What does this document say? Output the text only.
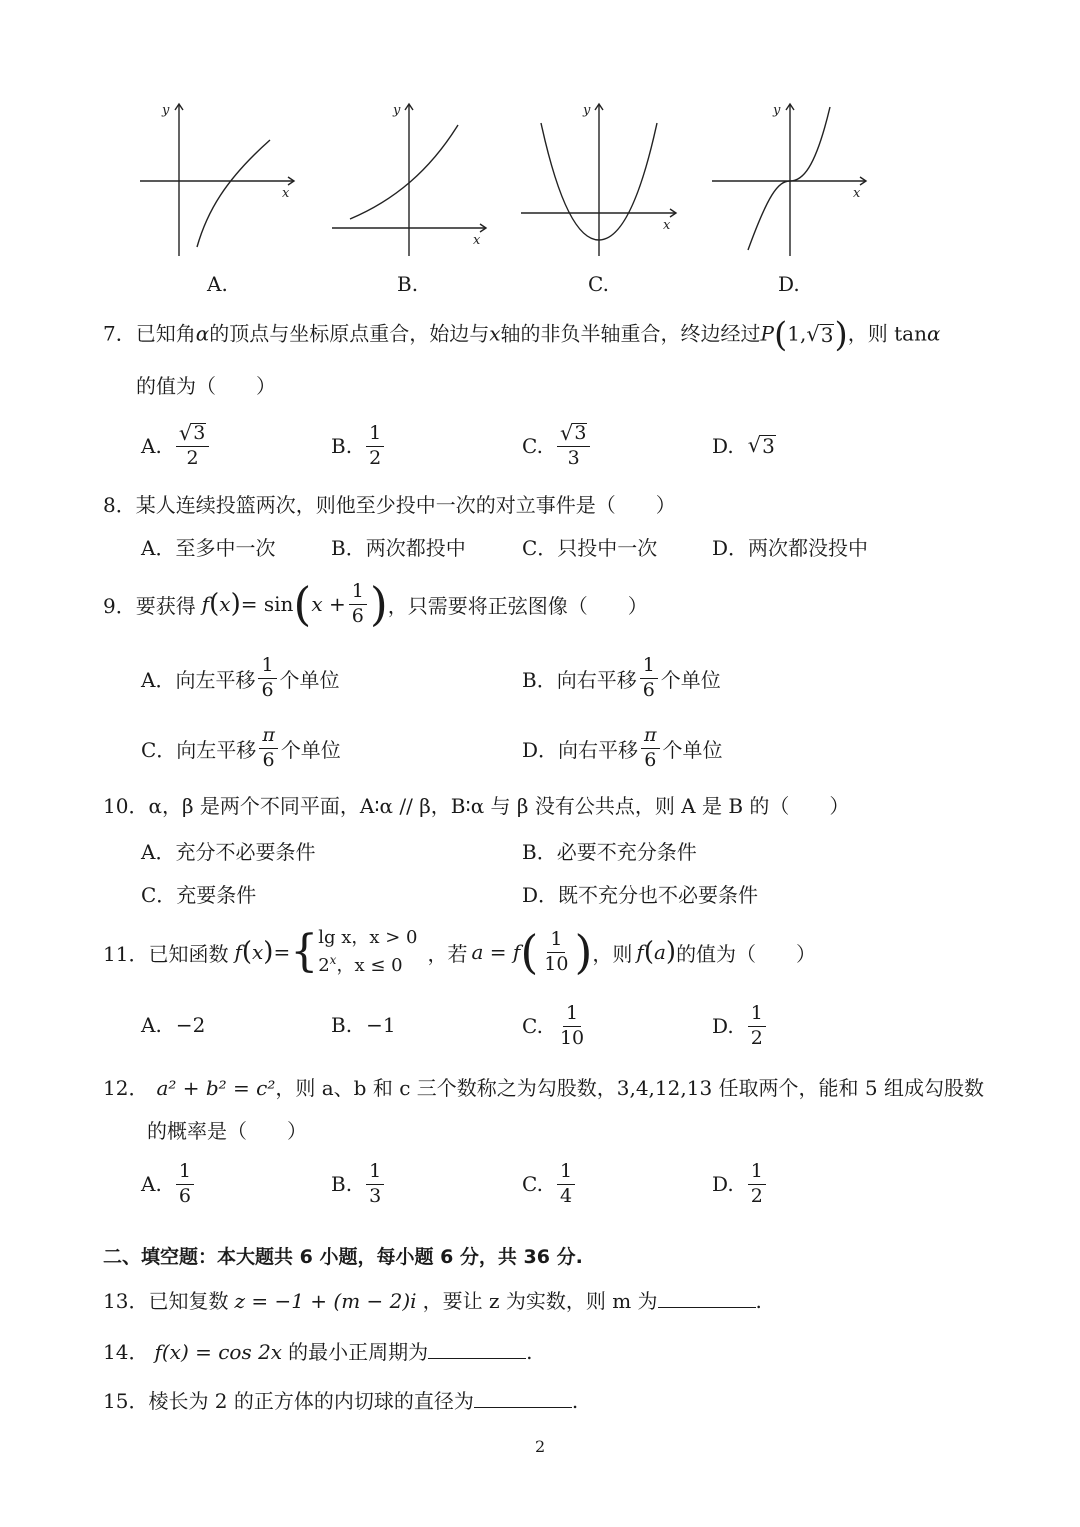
y
x
y
x
y
x
y
x
A.	B.	C.	D.
7．已知角α的顶点与坐标原点重合，始边与x轴的非负半轴重合，终边经过P(1, √ 3 )，则 tanα
的值为（　　）
A. $\frac{√ 3}{2}$	B. $\frac{1}{2}$	C. $\frac{√ 3}{3}$	D. √ 3
8．某人连续投篮两次，则他至少投中一次的对立事件是（　　）
A．至多中一次	B．两次都投中	C．只投中一次	D．两次都没投中
9． 要获得 f ( x ) = sin ( $x + \frac{1}{6}$ ) ，只需要将正弦图像（　　）
A．向左平移 $\frac{1}{6}$ 个单位	B．向右平移 $\frac{1}{6}$ 个单位
C．向左平移 $\frac{\pi}{6}$ 个单位	D．向右平移 $\frac{\pi}{6}$ 个单位
10．α，β 是两个不同平面，A∶α // β，B∶α 与 β 没有公共点，则 A 是 B 的（　　）
A．充分不必要条件	B．必要不充分条件
C．充要条件	D．既不充分也不必要条件
11． 已知函数 f ( x ) = { lg x，x > 0
2$^x$，x ≤ 0	，若 a = f ( $\frac{1}{10}$ ) ，则 f ( a ) 的值为（　　）
A. −2	B. −1	C. $\frac{1}{10}$	D. $\frac{1}{2}$
12． a² + b² = c²，则 a、b 和 c 三个数称之为勾股数，3,4,12,13 任取两个，能和 5 组成勾股数
的概率是（　　）
A. $\frac{1}{6}$	B. $\frac{1}{3}$	C. $\frac{1}{4}$	D. $\frac{1}{2}$
二、填空题：本大题共 6 小题，每小题 6 分，共 36 分.
13．已知复数 z = −1 + (m − 2)i ，要让 z 为实数，则 m 为	.
14． f(x) = cos 2x 的最小正周期为	.
15．棱长为 2 的正方体的内切球的直径为	.
2
